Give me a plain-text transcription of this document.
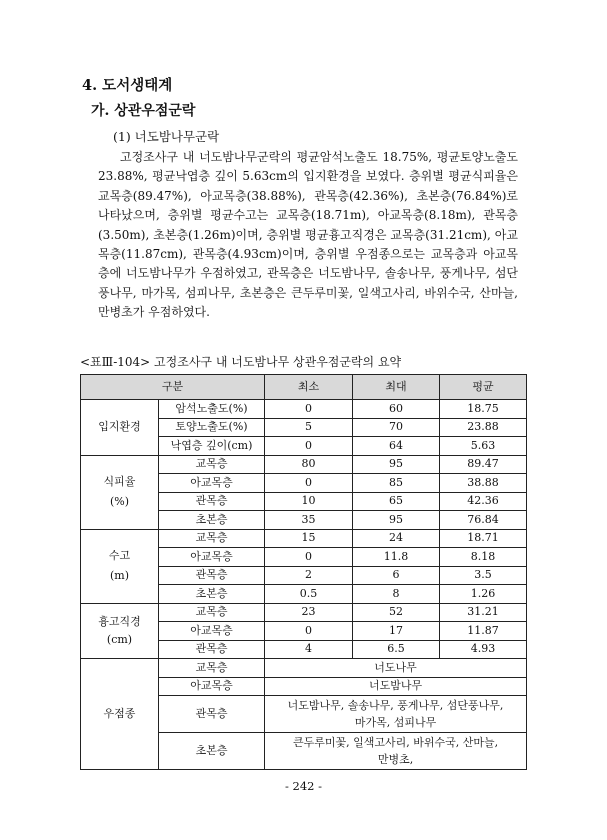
4. 도서생태계
가. 상관우점군락
(1) 너도밤나무군락
고정조사구 내 너도밤나무군락의 평균암석노출도 18.75%, 평균토양노출도 23.88%, 평균낙엽층 깊이 5.63cm의 입지환경을 보였다. 층위별 평균식피율은 교목층(89.47%), 아교목층(38.88%), 관목층(42.36%), 초본층(76.84%)로 나타났으며, 층위별 평균수고는 교목층(18.71m), 아교목층(8.18m), 관목층(3.50m), 초본층(1.26m)이며, 층위별 평균흉고직경은 교목층(31.21cm), 아교목층(11.87cm), 관목층(4.93cm)이며, 층위별 우점종으로는 교목층과 아교목층에 너도밤나무가 우점하였고, 관목층은 너도밤나무, 솔송나무, 풍게나무, 섬단풍나무, 마가목, 섬피나무, 초본층은 큰두루미꽃, 일색고사리, 바위수국, 산마늘, 만병초가 우점하였다.
<표Ⅲ-104> 고정조사구 내 너도밤나무 상관우점군락의 요약
구분		최소	최대	평균
입지환경	암석노출도(%)	0	60	18.75
	토양노출도(%)	5	70	23.88
	낙엽층 깊이(cm)	0	64	5.63

식피율
(%)	교목층	80	95	89.47
	아교목층	0	85	38.88
	관목층	10	65	42.36
	초본층	35	95	76.84

수고
(m)	교목층	15	24	18.71
	아교목층	0	11.8	8.18
	관목층	2	6	3.5
	초본층	0.5	8	1.26

흉고직경
(cm)	교목층	23	52	31.21
	아교목층	0	17	11.87
	관목층	4	6.5	4.93
우점종	교목층	너도나무		
	아교목층	너도밤나무		
	관목층	너도밤나무, 솔송나무, 풍게나무, 섬단풍나무,
마가목, 섬피나무		

	초본층	큰두루미꽃, 일색고사리, 바위수국, 산마늘,
만병초,		
- 242 -
